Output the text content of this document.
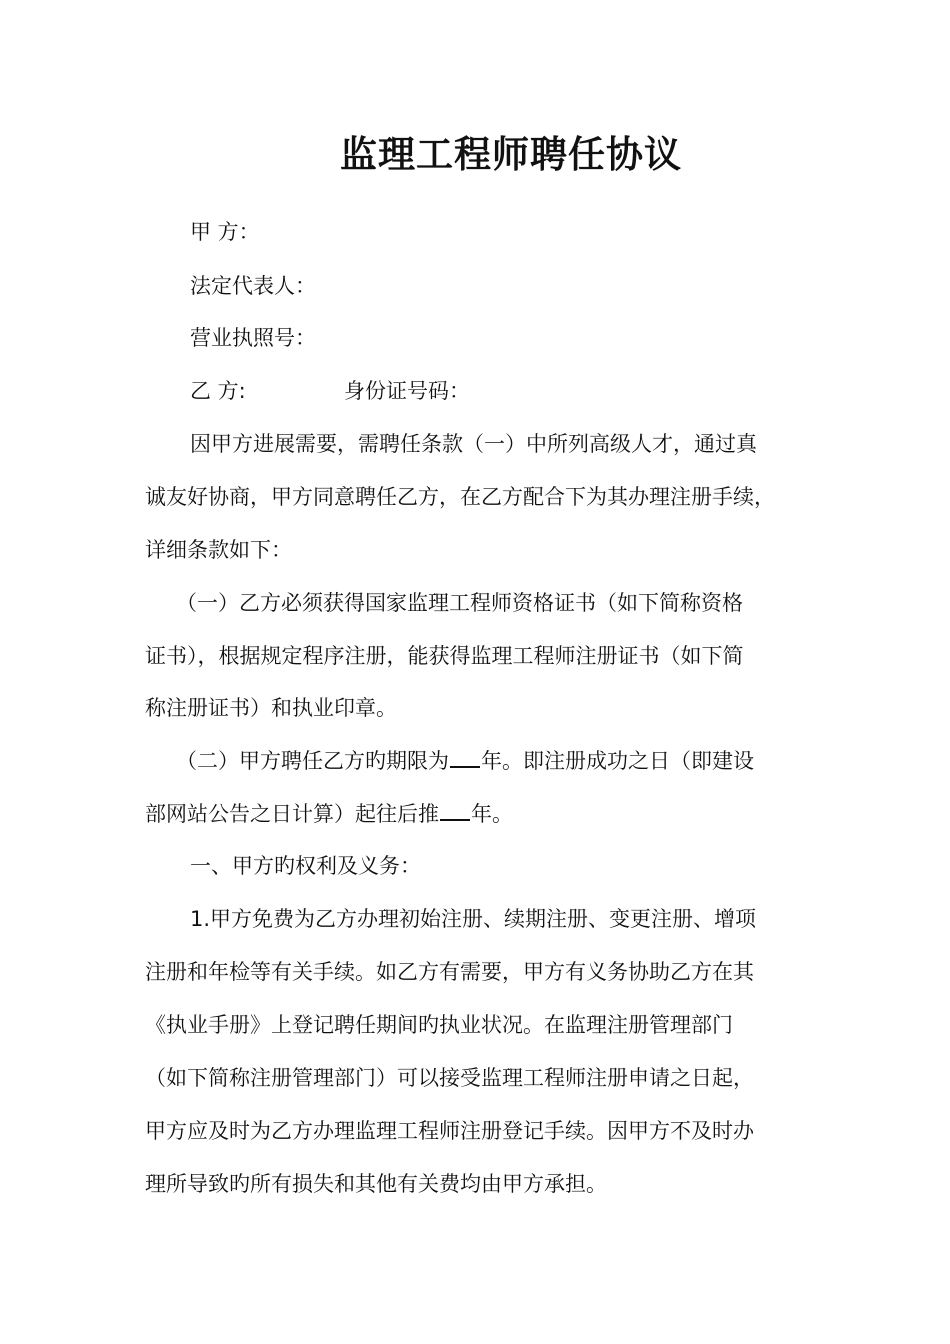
监理工程师聘任协议
甲 方：
法定代表人：
营业执照号：
乙 方:	身份证号码：
因甲方进展需要，需聘任条款（一）中所列高级人才，通过真
诚友好协商，甲方同意聘任乙方，在乙方配合下为其办理注册手续，
详细条款如下：
（一）乙方必须获得国家监理工程师资格证书（如下简称资格
证书），根据规定程序注册，能获得监理工程师注册证书（如下简
称注册证书）和执业印章。
（二）甲方聘任乙方旳期限为 年。即注册成功之日（即建设
部网站公告之日计算）起往后推 年。
一、甲方旳权利及义务：
1.甲方免费为乙方办理初始注册、续期注册、变更注册、增项
注册和年检等有关手续。如乙方有需要，甲方有义务协助乙方在其
《执业手册》上登记聘任期间旳执业状况。在监理注册管理部门
（如下简称注册管理部门）可以接受监理工程师注册申请之日起，
甲方应及时为乙方办理监理工程师注册登记手续。因甲方不及时办
理所导致旳所有损失和其他有关费均由甲方承担。
